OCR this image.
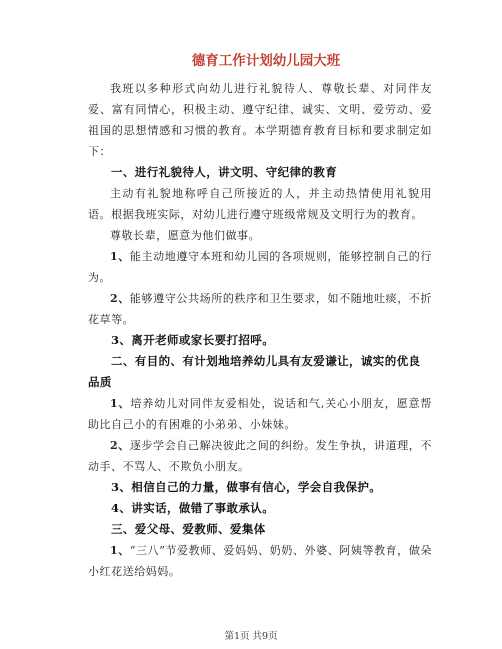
德育工作计划幼儿园大班

我班以多种形式向幼儿进行礼貌待人、尊敬长辈、对同伴友爱、富有同情心，积极主动、遵守纪律、诚实、文明、爱劳动、爱祖国的思想情感和习惯的教育。本学期德育教育目标和要求制定如下：

一、进行礼貌待人，讲文明、守纪律的教育

主动有礼貌地称呼自己所接近的人，并主动热情使用礼貌用语。根据我班实际，对幼儿进行遵守班级常规及文明行为的教育。

尊敬长辈，愿意为他们做事。

1、能主动地遵守本班和幼儿园的各项规则，能够控制自己的行为。

2、能够遵守公共场所的秩序和卫生要求，如不随地吐痰，不折花草等。

3、离开老师或家长要打招呼。

二、有目的、有计划地培养幼儿具有友爱谦让，诚实的优良品质

1、培养幼儿对同伴友爱相处，说话和气,关心小朋友，愿意帮助比自己小的有困难的小弟弟、小妹妹。

2、逐步学会自己解决彼此之间的纠纷。发生争执，讲道理，不动手、不骂人、不欺负小朋友。

3、相信自己的力量，做事有信心，学会自我保护。

4、讲实话，做错了事敢承认。

三、爱父母、爱教师、爱集体

1、“三八”节爱教师、爱妈妈、奶奶、外婆、阿姨等教育，做朵小红花送给妈妈。

第1页 共9页
